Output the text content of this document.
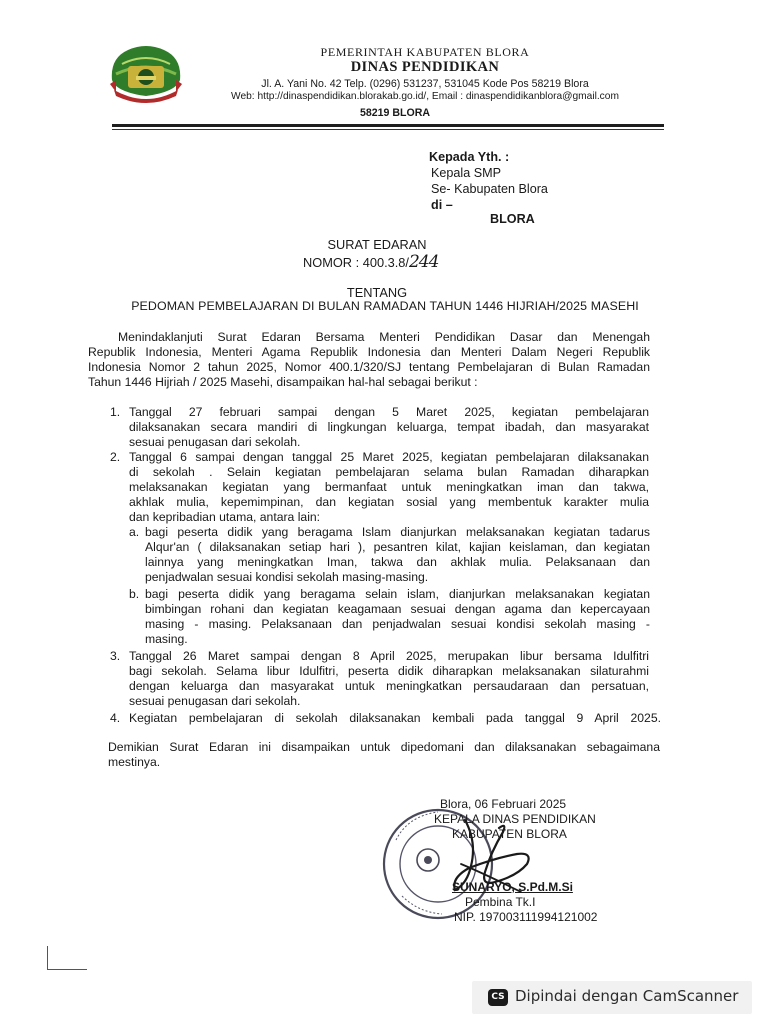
PEMERINTAH KABUPATEN BLORA
DINAS PENDIDIKAN
Jl. A. Yani No. 42 Telp. (0296) 531237, 531045 Kode Pos 58219 Blora
Web: http://dinaspendidikan.blorakab.go.id/, Email : dinaspendidikanblora@gmail.com
58219 BLORA
Kepada Yth. :
Kepala SMP
Se- Kabupaten Blora
di –
BLORA
SURAT EDARAN
NOMOR : 400.3.8/244
TENTANG
PEDOMAN PEMBELAJARAN DI BULAN RAMADAN TAHUN 1446 HIJRIAH/2025 MASEHI
Menindaklanjuti Surat Edaran Bersama Menteri Pendidikan Dasar dan Menengah
Republik Indonesia, Menteri Agama Republik Indonesia dan Menteri Dalam Negeri Republik
Indonesia Nomor 2 tahun 2025, Nomor 400.1/320/SJ tentang Pembelajaran di Bulan Ramadan
Tahun 1446 Hijriah / 2025 Masehi, disampaikan hal-hal sebagai berikut :
1. Tanggal 27 februari sampai dengan 5 Maret 2025, kegiatan pembelajaran
dilaksanakan secara mandiri di lingkungan keluarga, tempat ibadah, dan masyarakat
sesuai penugasan dari sekolah.
2. Tanggal 6 sampai dengan tanggal 25 Maret 2025, kegiatan pembelajaran dilaksanakan
di sekolah . Selain kegiatan pembelajaran selama bulan Ramadan diharapkan
melaksanakan kegiatan yang bermanfaat untuk meningkatkan iman dan takwa,
akhlak mulia, kepemimpinan, dan kegiatan sosial yang membentuk karakter mulia
dan kepribadian utama, antara lain:
a. bagi peserta didik yang beragama Islam dianjurkan melaksanakan kegiatan tadarus
Alqur'an ( dilaksanakan setiap hari ), pesantren kilat, kajian keislaman, dan kegiatan
lainnya yang meningkatkan Iman, takwa dan akhlak mulia. Pelaksanaan dan
penjadwalan sesuai kondisi sekolah masing-masing.
b. bagi peserta didik yang beragama selain islam, dianjurkan melaksanakan kegiatan
bimbingan rohani dan kegiatan keagamaan sesuai dengan agama dan kepercayaan
masing - masing. Pelaksanaan dan penjadwalan sesuai kondisi sekolah masing -
masing.
3. Tanggal 26 Maret sampai dengan 8 April 2025, merupakan libur bersama Idulfitri
bagi sekolah. Selama libur Idulfitri, peserta didik diharapkan melaksanakan silaturahmi
dengan keluarga dan masyarakat untuk meningkatkan persaudaraan dan persatuan,
sesuai penugasan dari sekolah.
4. Kegiatan pembelajaran di sekolah dilaksanakan kembali pada tanggal 9 April 2025.
Demikian Surat Edaran ini disampaikan untuk dipedomani dan dilaksanakan sebagaimana
mestinya.
Blora, 06 Februari 2025
KEPALA DINAS PENDIDIKAN
KABUPATEN BLORA
SUNARYO, S.Pd.M.Si
Pembina Tk.I
NIP. 197003111994121002
CS Dipindai dengan CamScanner
